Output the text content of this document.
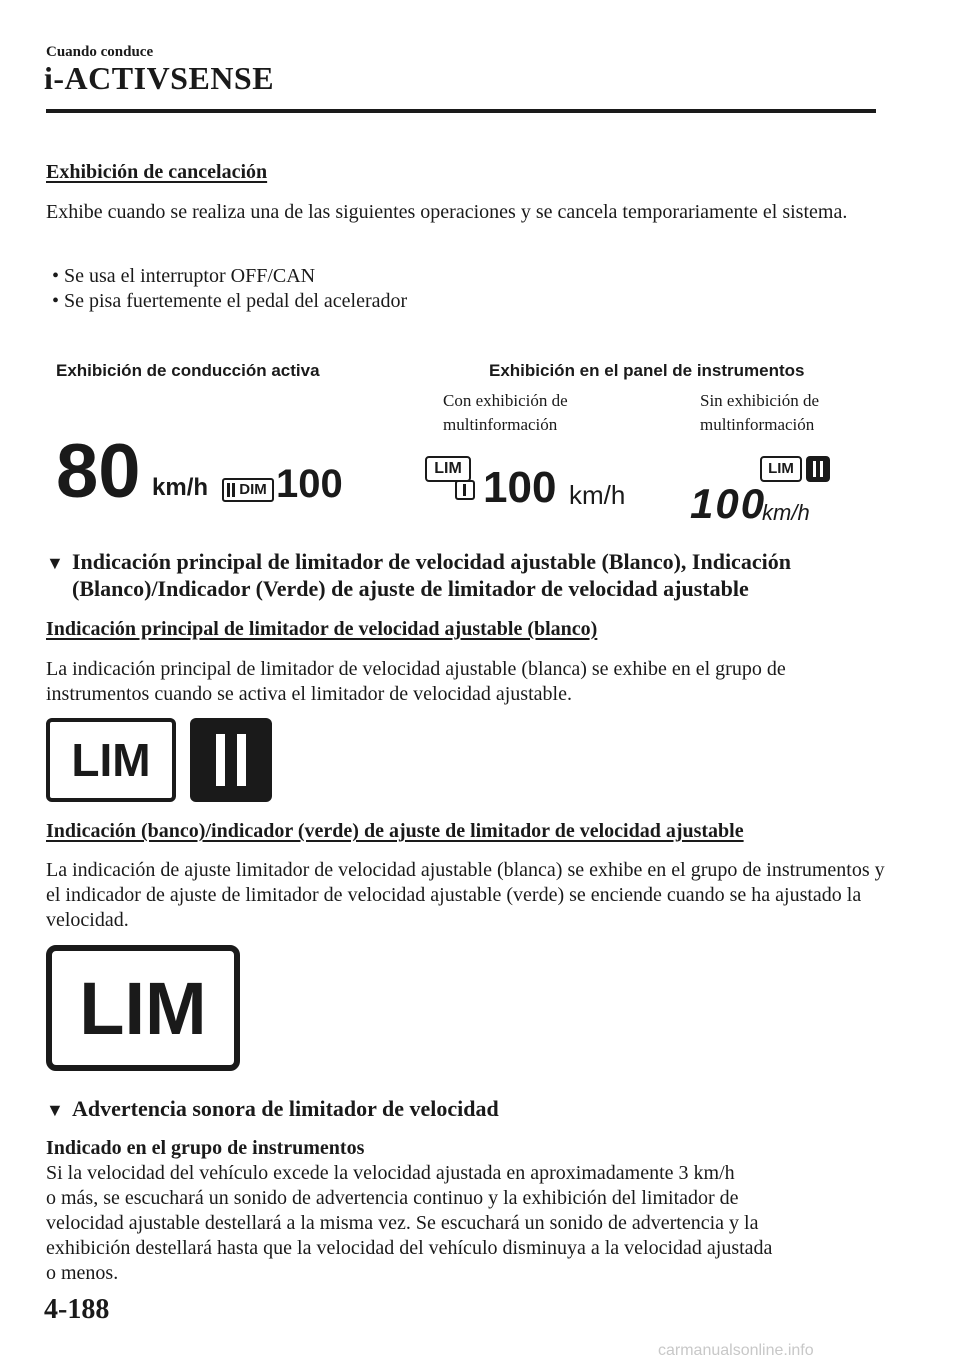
Cuando conduce
i-ACTIVSENSE
Exhibición de cancelación
Exhibe cuando se realiza una de las siguientes operaciones y se cancela temporariamente el sistema.
• Se usa el interruptor OFF/CAN
• Se pisa fuertemente el pedal del acelerador
Exhibición de conducción activa	Exhibición en el panel de instrumentos
Con exhibición de
multinformación
Sin exhibición de
multinformación
80 km/h	DIM 100	LIM 100 km/h
LIM
100
km/h
▼ Indicación principal de limitador de velocidad ajustable (Blanco), Indicación
(Blanco)/Indicador (Verde) de ajuste de limitador de velocidad ajustable
Indicación principal de limitador de velocidad ajustable (blanco)
La indicación principal de limitador de velocidad ajustable (blanca) se exhibe en el grupo de instrumentos cuando se activa el limitador de velocidad ajustable.
LIM
Indicación (banco)/indicador (verde) de ajuste de limitador de velocidad ajustable
La indicación de ajuste limitador de velocidad ajustable (blanca) se exhibe en el grupo de instrumentos y el indicador de ajuste de limitador de velocidad ajustable (verde) se enciende cuando se ha ajustado la velocidad.
LIM
▼ Advertencia sonora de limitador de velocidad
Indicado en el grupo de instrumentos
Si la velocidad del vehículo excede la velocidad ajustada en aproximadamente 3 km/h
o más, se escuchará un sonido de advertencia continuo y la exhibición del limitador de
velocidad ajustable destellará a la misma vez. Se escuchará un sonido de advertencia y la
exhibición destellará hasta que la velocidad del vehículo disminuya a la velocidad ajustada
o menos.
4-188
carmanualsonline.info
